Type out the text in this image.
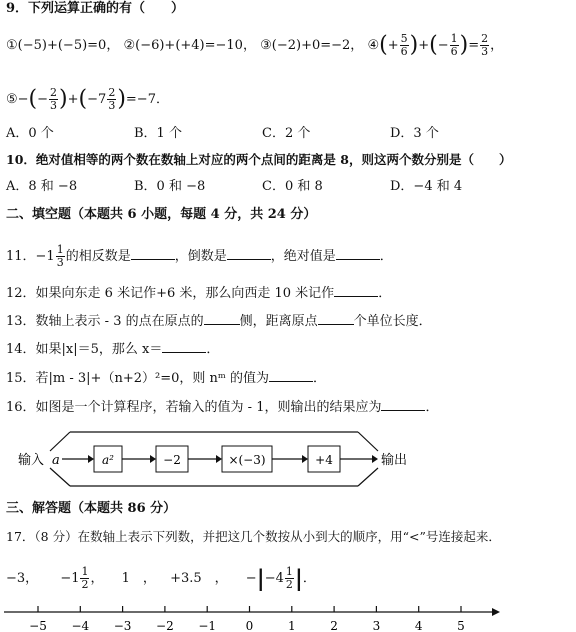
9．下列运算正确的有（　　）
①(−5)+(−5)=0， ②(−6)+(+4)=−10， ③(−2)+0=−2， ④(+ $\frac{5}{6}$ )+(− $\frac{1}{6}$ )= $\frac{2}{3}$ ，
⑤−(− $\frac{2}{3} )+(-7 \frac{2}{3} )=-7$．
A．0 个	B．1 个	C．2 个	D．3 个
10．绝对值相等的两个数在数轴上对应的两个点间的距离是 8，则这两个数分别是（　　）
A．8 和 −8	B．0 和 −8	C．0 和 8	D．−4 和 4
二、填空题（本题共 6 小题，每题 4 分，共 24 分）
11．$-1 \frac{1}{3}$ 的相反数是	，倒数是	，绝对值是	．
12．如果向东走 6 米记作+6 米，那么向西走 10 米记作	．
13．数轴上表示 - 3 的点在原点的	侧，距离原点	个单位长度．
14．如果|x|＝5，那么 x＝	．
15．若|m - 3|+（n+2）²=0，则 nᵐ 的值为	．
16．如图是一个计算程序，若输入的值为 - 1，则输出的结果应为	．
输入 a	a²	−2	×(−3)	+4	输出
三、解答题（本题共 86 分）
17．（8 分）在数轴上表示下列数，并把这几个数按从小到大的顺序，用“<”号连接起来．
−3， $-1 \frac{1}{2}$ ， 1　， +3.5　， $-|-4 \frac{1}{2}$ |．
−5 −4 −3 −2 −1 0	1	2	3	4	5
